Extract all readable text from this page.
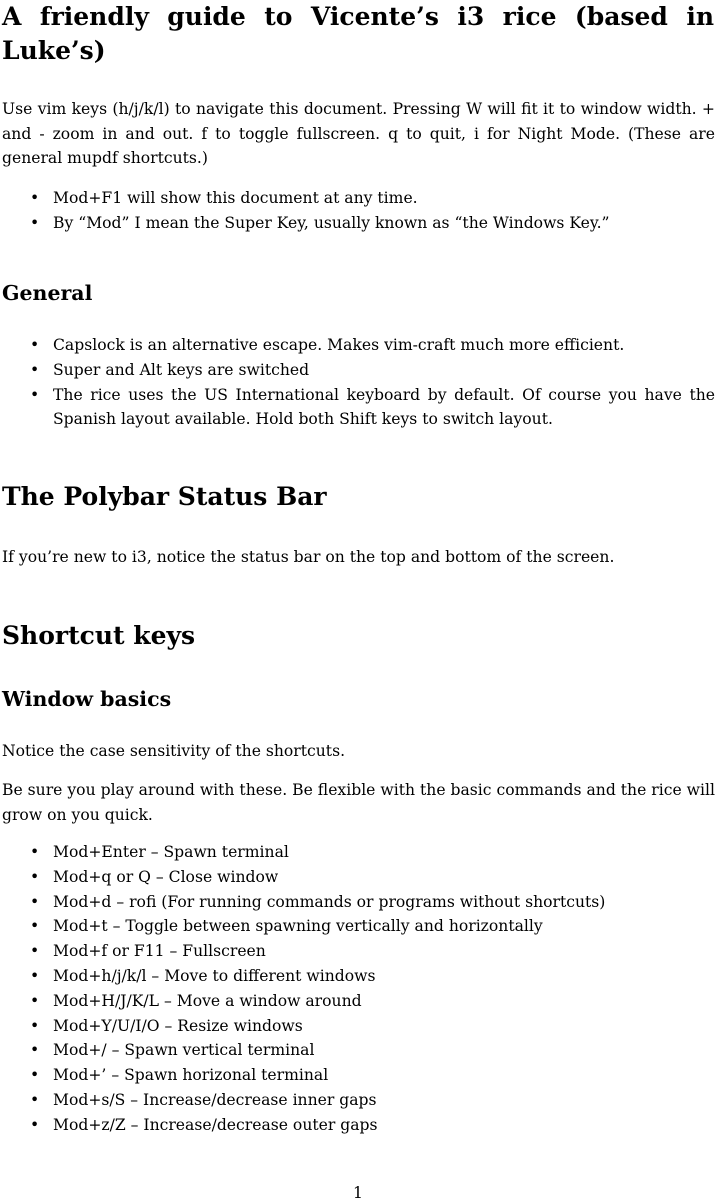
A friendly guide to Vicente’s i3 rice (based in Luke’s)

Use vim keys (h/j/k/l) to navigate this document. Pressing W will fit it to window width. + and - zoom in and out. f to toggle fullscreen. q to quit, i for Night Mode. (These are general mupdf shortcuts.)

• Mod+F1 will show this document at any time.
• By “Mod” I mean the Super Key, usually known as “the Windows Key.”
General
• Capslock is an alternative escape. Makes vim-craft much more efficient.
• Super and Alt keys are switched
• The rice uses the US International keyboard by default. Of course you have the Spanish layout available. Hold both Shift keys to switch layout.
The Polybar Status Bar

If you’re new to i3, notice the status bar on the top and bottom of the screen.

Shortcut keys
Window basics

Notice the case sensitivity of the shortcuts.

Be sure you play around with these. Be flexible with the basic commands and the rice will grow on you quick.

• Mod+Enter – Spawn terminal
• Mod+q or Q – Close window
• Mod+d – rofi (For running commands or programs without shortcuts)
• Mod+t – Toggle between spawning vertically and horizontally
• Mod+f or F11 – Fullscreen
• Mod+h/j/k/l – Move to different windows
• Mod+H/J/K/L – Move a window around
• Mod+Y/U/I/O – Resize windows
• Mod+/ – Spawn vertical terminal
• Mod+’ – Spawn horizonal terminal
• Mod+s/S – Increase/decrease inner gaps
• Mod+z/Z – Increase/decrease outer gaps
1
